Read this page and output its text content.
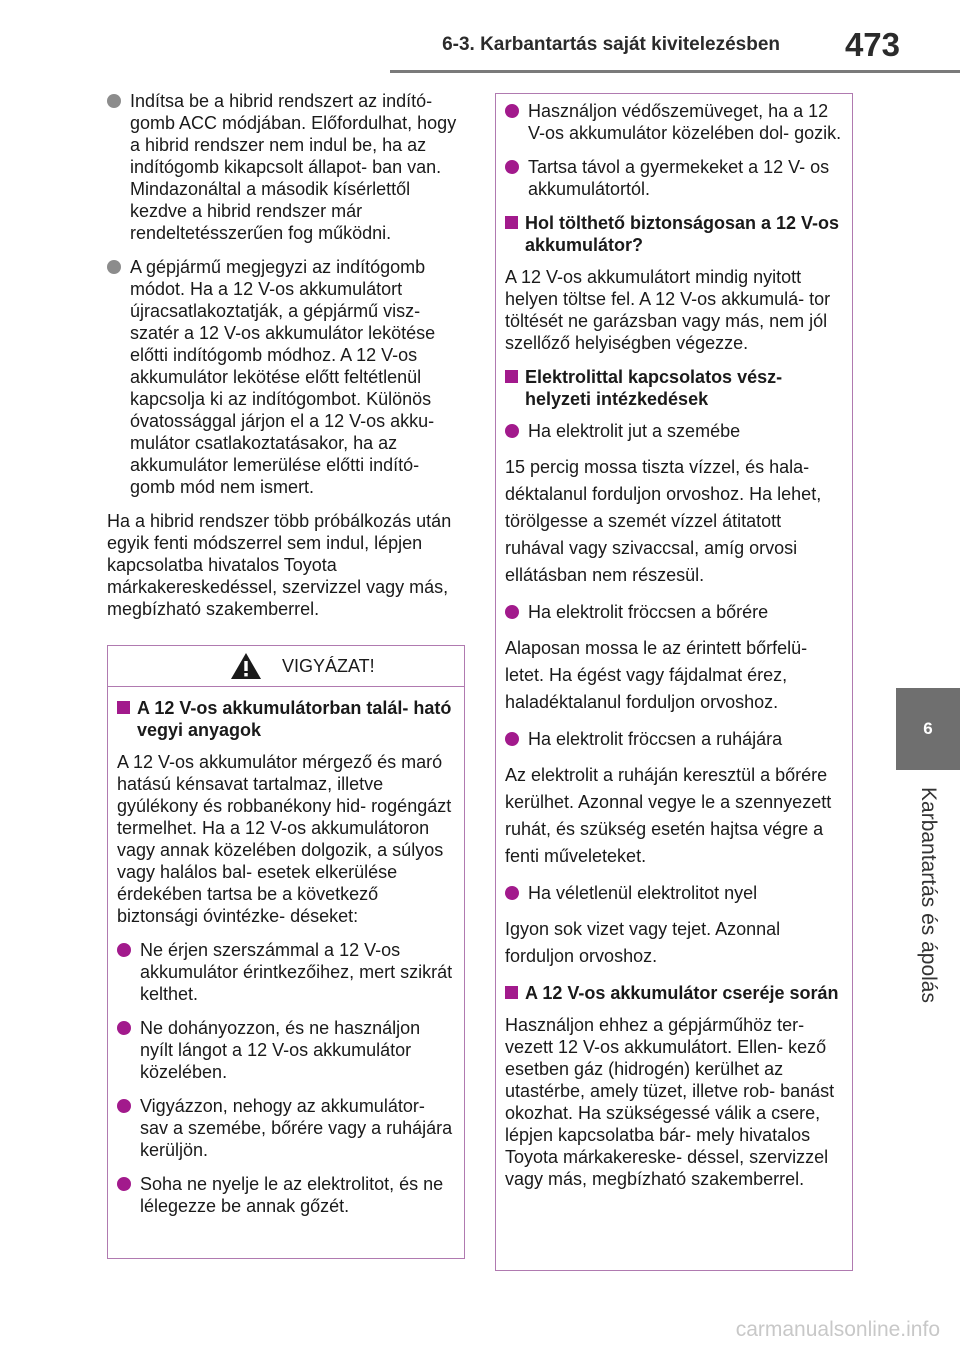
6-3. Karbantartás saját kivitelezésben	473
6
Karbantartás és ápolás
Indítsa be a hibrid rendszert az indító- gomb ACC módjában. Előfordulhat, hogy a hibrid rendszer nem indul be, ha az indítógomb kikapcsolt állapot- ban van. Mindazonáltal a második kísérlettől kezdve a hibrid rendszer már rendeltetésszerűen fog működni.
A gépjármű megjegyzi az indítógomb módot. Ha a 12 V-os akkumulátort újracsatlakoztatják, a gépjármű visz- szatér a 12 V-os akkumulátor lekötése előtti indítógomb módhoz. A 12 V-os akkumulátor lekötése előtt feltétlenül kapcsolja ki az indítógombot. Különös óvatossággal járjon el a 12 V-os akku- mulátor csatlakoztatásakor, ha az akkumulátor lemerülése előtti indító- gomb mód nem ismert.

Ha a hibrid rendszer több próbálkozás után egyik fenti módszerrel sem indul, lépjen kapcsolatba hivatalos Toyota márkakereskedéssel, szervizzel vagy más, megbízható szakemberrel.

VIGYÁZAT!
A 12 V-os akkumulátorban talál- ható vegyi anyagok

A 12 V-os akkumulátor mérgező és maró hatású kénsavat tartalmaz, illetve gyúlékony és robbanékony hid- rogéngázt termelhet. Ha a 12 V-os akkumulátoron vagy annak közelében dolgozik, a súlyos vagy halálos bal- esetek elkerülése érdekében tartsa be a következő biztonsági óvintézke- déseket:

Ne érjen szerszámmal a 12 V-os akkumulátor érintkezőihez, mert szikrát kelthet.
Ne dohányozzon, és ne használjon nyílt lángot a 12 V-os akkumulátor közelében.
Vigyázzon, nehogy az akkumulátor- sav a szemébe, bőrére vagy a ruhájára kerüljön.
Soha ne nyelje le az elektrolitot, és ne lélegezze be annak gőzét.
Használjon védőszemüveget, ha a 12 V-os akkumulátor közelében dol- gozik.
Tartsa távol a gyermekeket a 12 V- os akkumulátortól.
Hol tölthető biztonságosan a 12 V-os akkumulátor?

A 12 V-os akkumulátort mindig nyitott helyen töltse fel. A 12 V-os akkumulá- tor töltését ne garázsban vagy más, nem jól szellőző helyiségben végezze.

Elektrolittal kapcsolatos vész- helyzeti intézkedések
Ha elektrolit jut a szemébe

15 percig mossa tiszta vízzel, és hala- déktalanul forduljon orvoshoz. Ha lehet, törölgesse a szemét vízzel átitatott ruhával vagy szivaccsal, amíg orvosi ellátásban nem részesül.

Ha elektrolit fröccsen a bőrére

Alaposan mossa le az érintett bőrfelü- letet. Ha égést vagy fájdalmat érez, haladéktalanul forduljon orvoshoz.

Ha elektrolit fröccsen a ruhájára

Az elektrolit a ruháján keresztül a bőrére kerülhet. Azonnal vegye le a szennyezett ruhát, és szükség esetén hajtsa végre a fenti műveleteket.

Ha véletlenül elektrolitot nyel

Igyon sok vizet vagy tejet. Azonnal forduljon orvoshoz.

A 12 V-os akkumulátor cseréje során

Használjon ehhez a gépjárműhöz ter- vezett 12 V-os akkumulátort. Ellen- kező esetben gáz (hidrogén) kerülhet az utastérbe, amely tüzet, illetve rob- banást okozhat. Ha szükségessé válik a csere, lépjen kapcsolatba bár- mely hivatalos Toyota márkakereske- déssel, szervizzel vagy más, megbízható szakemberrel.

carmanualsonline.info
